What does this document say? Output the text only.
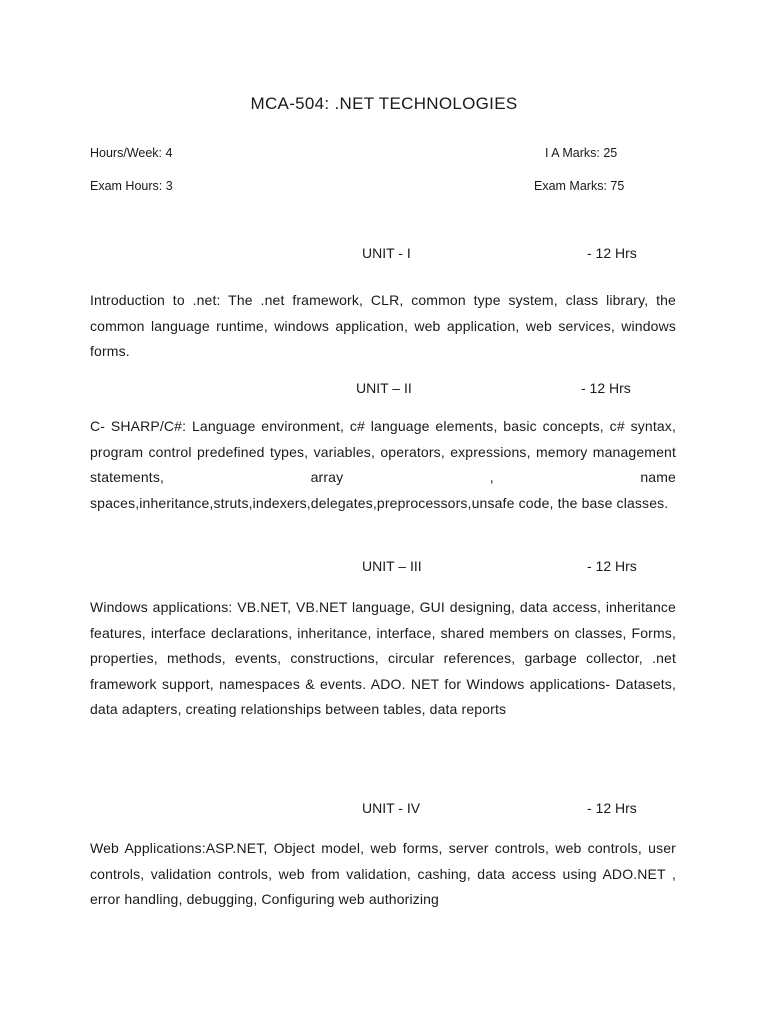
MCA-504: .NET TECHNOLOGIES
Hours/Week: 4	I A Marks: 25
Exam Hours: 3	Exam Marks: 75
UNIT - I	- 12 Hrs
Introduction to .net: The .net framework, CLR, common type system, class library, the common language runtime, windows application, web application, web services, windows forms.
UNIT – II	- 12 Hrs
C- SHARP/C#: Language environment, c# language elements, basic concepts, c# syntax, program control predefined types, variables, operators, expressions, memory management statements, array , name spaces,inheritance,struts,indexers,delegates,preprocessors,unsafe code, the base classes.
UNIT – III	- 12 Hrs
Windows applications: VB.NET, VB.NET language, GUI designing, data access, inheritance features, interface declarations, inheritance, interface, shared members on classes, Forms, properties, methods, events, constructions, circular references, garbage collector, .net framework support, namespaces & events. ADO. NET for Windows applications- Datasets, data adapters, creating relationships between tables, data reports
UNIT - IV	- 12 Hrs
Web Applications:ASP.NET, Object model, web forms, server controls, web controls, user controls, validation controls, web from validation, cashing, data access using ADO.NET , error handling, debugging, Configuring web authorizing
